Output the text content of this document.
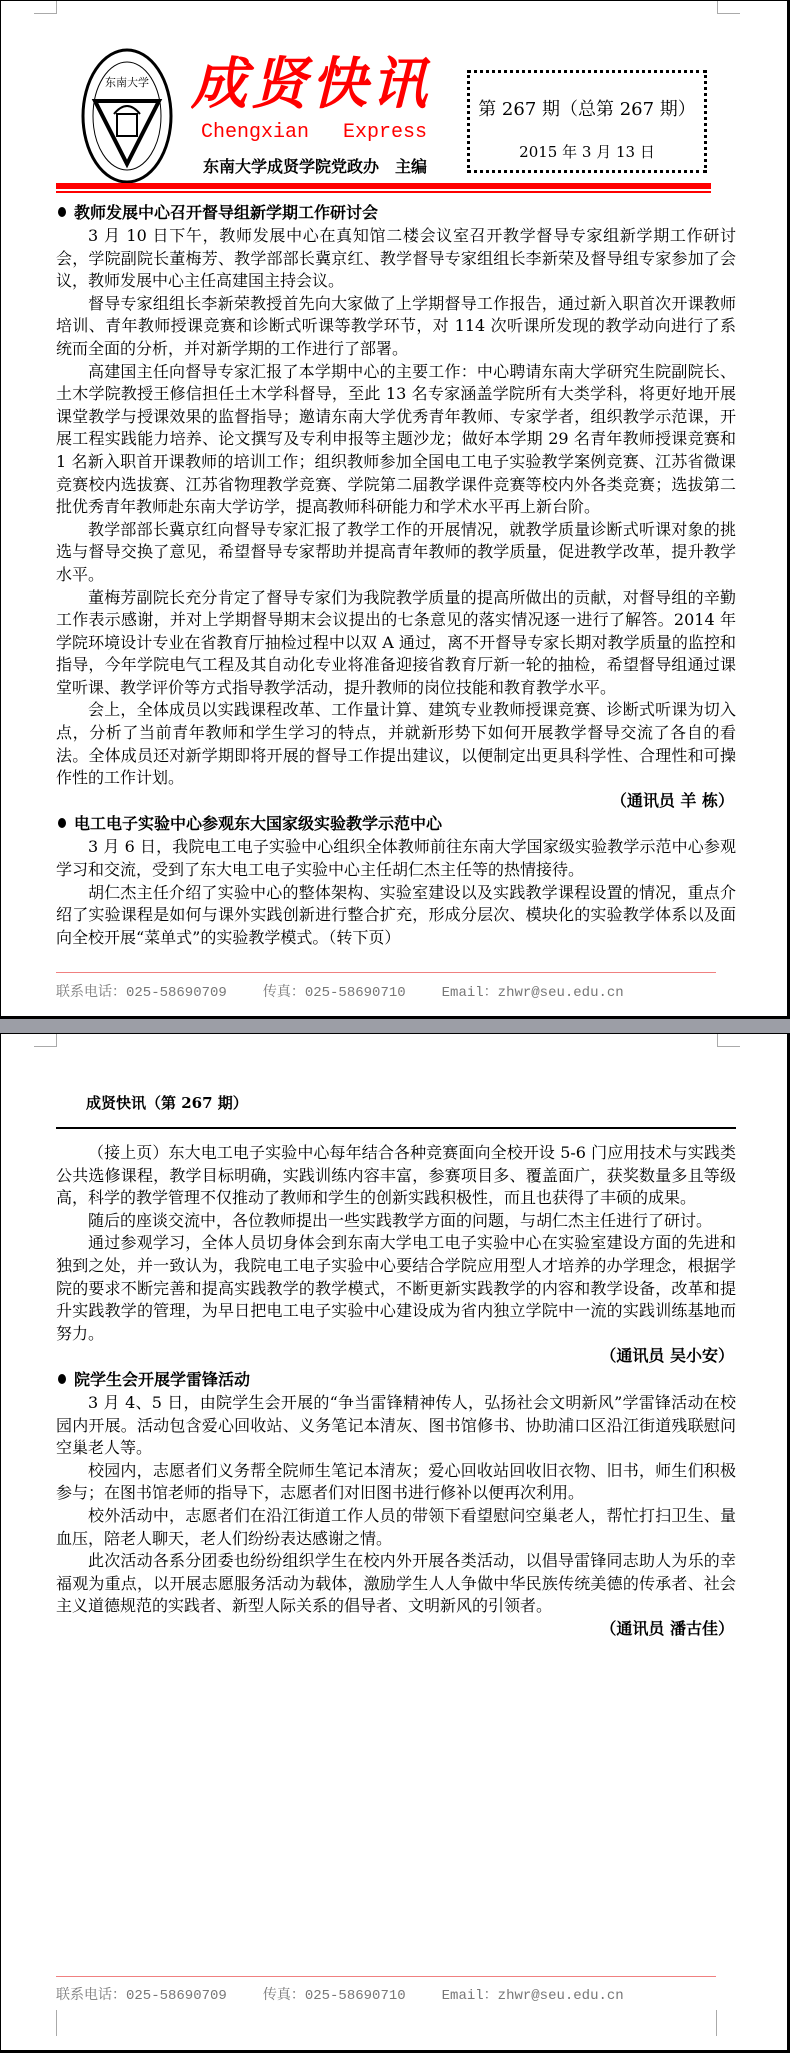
东南大学 成贤快讯
Chengxian Express
东南大学成贤学院党政办　主编
第 267 期（总第 267 期）
2015 年 3 月 13 日
教师发展中心召开督导组新学期工作研讨会

3 月 10 日下午，教师发展中心在真知馆二楼会议室召开教学督导专家组新学期工作研讨会，学院副院长董梅芳、教学部部长冀京红、教学督导专家组组长李新荣及督导组专家参加了会议，教师发展中心主任高建国主持会议。

督导专家组组长李新荣教授首先向大家做了上学期督导工作报告，通过新入职首次开课教师培训、青年教师授课竞赛和诊断式听课等教学环节，对 114 次听课所发现的教学动向进行了系统而全面的分析，并对新学期的工作进行了部署。

高建国主任向督导专家汇报了本学期中心的主要工作：中心聘请东南大学研究生院副院长、土木学院教授王修信担任土木学科督导，至此 13 名专家涵盖学院所有大类学科，将更好地开展课堂教学与授课效果的监督指导；邀请东南大学优秀青年教师、专家学者，组织教学示范课，开展工程实践能力培养、论文撰写及专利申报等主题沙龙；做好本学期 29 名青年教师授课竞赛和 1 名新入职首开课教师的培训工作；组织教师参加全国电工电子实验教学案例竞赛、江苏省微课竞赛校内选拔赛、江苏省物理教学竞赛、学院第二届教学课件竞赛等校内外各类竞赛；选拔第二批优秀青年教师赴东南大学访学，提高教师科研能力和学术水平再上新台阶。

教学部部长冀京红向督导专家汇报了教学工作的开展情况，就教学质量诊断式听课对象的挑选与督导交换了意见，希望督导专家帮助并提高青年教师的教学质量，促进教学改革，提升教学水平。

董梅芳副院长充分肯定了督导专家们为我院教学质量的提高所做出的贡献，对督导组的辛勤工作表示感谢，并对上学期督导期末会议提出的七条意见的落实情况逐一进行了解答。2014 年学院环境设计专业在省教育厅抽检过程中以双 A 通过，离不开督导专家长期对教学质量的监控和指导，今年学院电气工程及其自动化专业将准备迎接省教育厅新一轮的抽检，希望督导组通过课堂听课、教学评价等方式指导教学活动，提升教师的岗位技能和教育教学水平。

会上，全体成员以实践课程改革、工作量计算、建筑专业教师授课竞赛、诊断式听课为切入点，分析了当前青年教师和学生学习的特点，并就新形势下如何开展教学督导交流了各自的看法。全体成员还对新学期即将开展的督导工作提出建议，以便制定出更具科学性、合理性和可操作性的工作计划。

（通讯员 羊 栋）

电工电子实验中心参观东大国家级实验教学示范中心

3 月 6 日，我院电工电子实验中心组织全体教师前往东南大学国家级实验教学示范中心参观学习和交流，受到了东大电工电子实验中心主任胡仁杰主任等的热情接待。

胡仁杰主任介绍了实验中心的整体架构、实验室建设以及实践教学课程设置的情况，重点介绍了实验课程是如何与课外实践创新进行整合扩充，形成分层次、模块化的实验教学体系以及面向全校开展“菜单式”的实验教学模式。（转下页）

联系电话：025-58690709	传真：025-58690710	Email：zhwr@seu.edu.cn
成贤快讯（第 267 期）

（接上页）东大电工电子实验中心每年结合各种竞赛面向全校开设 5-6 门应用技术与实践类公共选修课程，教学目标明确，实践训练内容丰富，参赛项目多、覆盖面广，获奖数量多且等级高，科学的教学管理不仅推动了教师和学生的创新实践积极性，而且也获得了丰硕的成果。

随后的座谈交流中，各位教师提出一些实践教学方面的问题，与胡仁杰主任进行了研讨。

通过参观学习，全体人员切身体会到东南大学电工电子实验中心在实验室建设方面的先进和独到之处，并一致认为，我院电工电子实验中心要结合学院应用型人才培养的办学理念，根据学院的要求不断完善和提高实践教学的教学模式，不断更新实践教学的内容和教学设备，改革和提升实践教学的管理，为早日把电工电子实验中心建设成为省内独立学院中一流的实践训练基地而努力。

（通讯员 吴小安）

院学生会开展学雷锋活动

3 月 4、5 日，由院学生会开展的“争当雷锋精神传人，弘扬社会文明新风”学雷锋活动在校园内开展。活动包含爱心回收站、义务笔记本清灰、图书馆修书、协助浦口区沿江街道残联慰问空巢老人等。

校园内，志愿者们义务帮全院师生笔记本清灰；爱心回收站回收旧衣物、旧书，师生们积极参与；在图书馆老师的指导下，志愿者们对旧图书进行修补以便再次利用。

校外活动中，志愿者们在沿江街道工作人员的带领下看望慰问空巢老人，帮忙打扫卫生、量血压，陪老人聊天，老人们纷纷表达感谢之情。

此次活动各系分团委也纷纷组织学生在校内外开展各类活动，以倡导雷锋同志助人为乐的幸福观为重点，以开展志愿服务活动为载体，激励学生人人争做中华民族传统美德的传承者、社会主义道德规范的实践者、新型人际关系的倡导者、文明新风的引领者。

（通讯员 潘古佳）

联系电话：025-58690709	传真：025-58690710	Email：zhwr@seu.edu.cn
